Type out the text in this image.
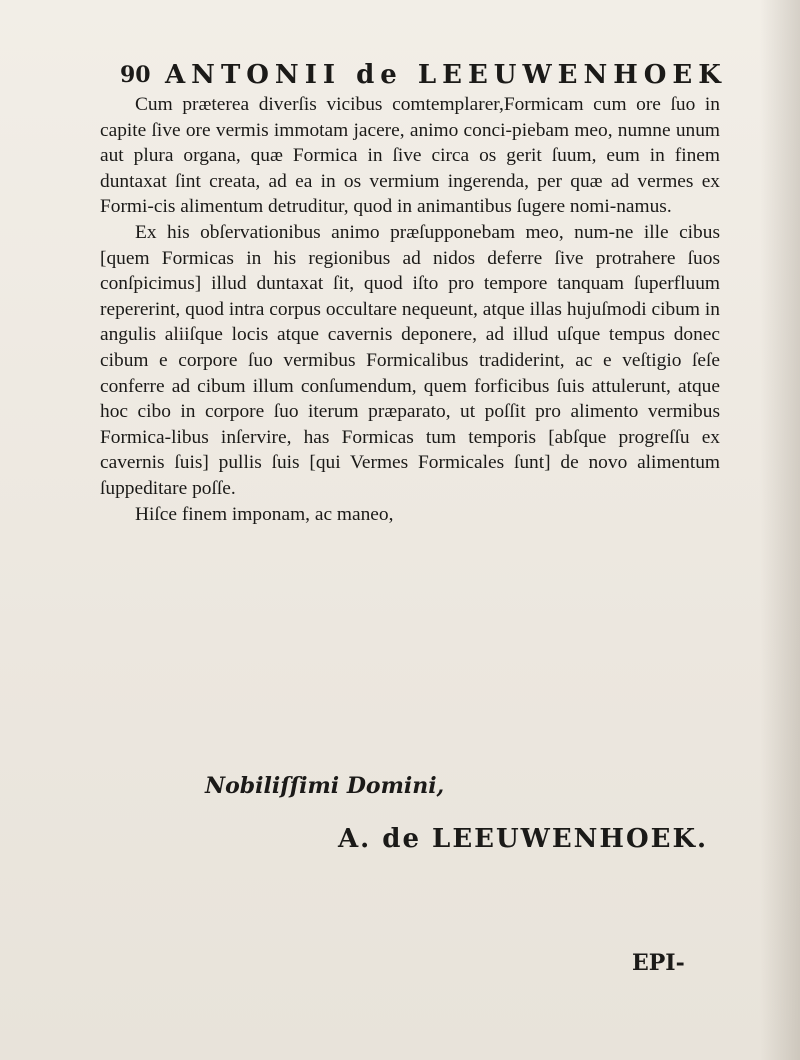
90 ANTONII de LEEUWENHOEK

Cum præterea diverſis vicibus comtemplarer,Formicam cum ore ſuo in capite ſive ore vermis immotam jacere, animo conci-piebam meo, numne unum aut plura organa, quæ Formica in ſive circa os gerit ſuum, eum in finem duntaxat ſint creata, ad ea in os vermium ingerenda, per quæ ad vermes ex Formi-cis alimentum detruditur, quod in animantibus ſugere nomi-namus.

Ex his obſervationibus animo præſupponebam meo, num-ne ille cibus [quem Formicas in his regionibus ad nidos deferre ſive protrahere ſuos conſpicimus] illud duntaxat ſit, quod iſto pro tempore tanquam ſuperfluum repererint, quod intra corpus occultare nequeunt, atque illas hujuſmodi cibum in angulis aliiſque locis atque cavernis deponere, ad illud uſque tempus donec cibum e corpore ſuo vermibus Formicalibus tradiderint, ac e veſtigio ſeſe conferre ad cibum illum conſumendum, quem forficibus ſuis attulerunt, atque hoc cibo in corpore ſuo iterum præparato, ut poſſit pro alimento vermibus Formica-libus inſervire, has Formicas tum temporis [abſque progreſſu ex cavernis ſuis] pullis ſuis [qui Vermes Formicales ſunt] de novo alimentum ſuppeditare poſſe.

Hiſce finem imponam, ac maneo,

Nobiliſſimi Domini,
A. de LEEUWENHOEK.
EPI-
